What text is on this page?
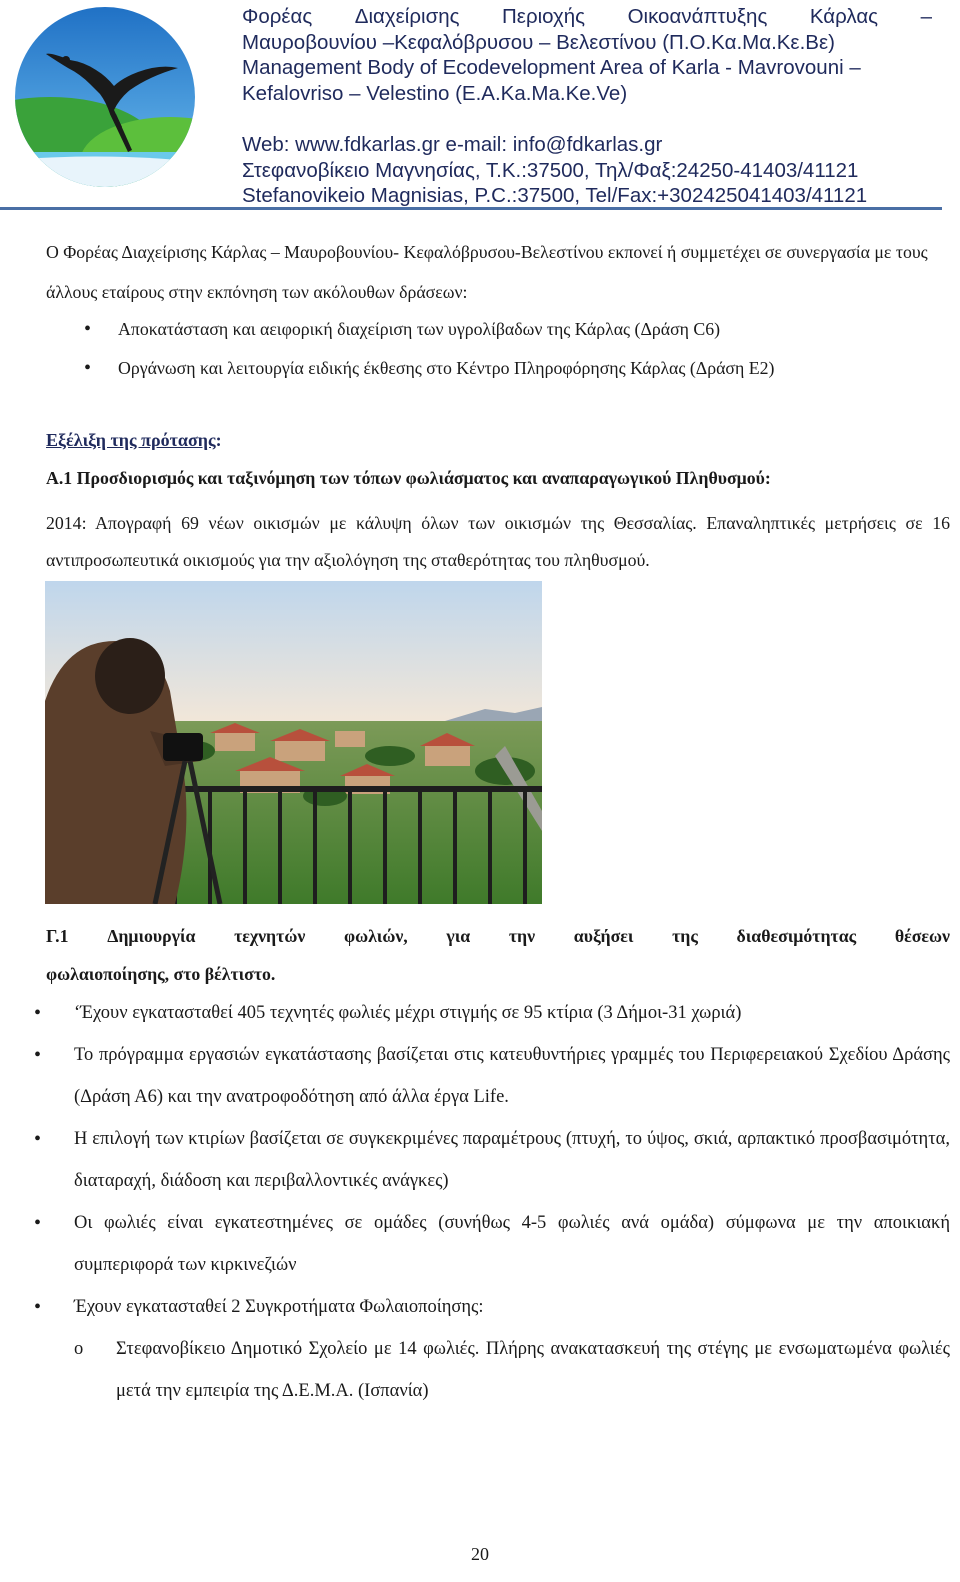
Φορέας Διαχείρισης Περιοχής Οικοανάπτυξης Κάρλας –
Μαυροβουνίου –Κεφαλόβρυσου – Βελεστίνου (Π.Ο.Κα.Μα.Κε.Βε)
Management Body of Ecodevelopment Area of Karla - Mavrovouni –
Kefalovriso – Velestino (E.A.Ka.Ma.Ke.Ve)
Web: www.fdkarlas.gr e-mail: info@fdkarlas.gr
Στεφανοβίκειο Μαγνησίας, Τ.Κ.:37500, Τηλ/Φαξ:24250-41403/41121
Stefanovikeio Magnisias, P.C.:37500, Tel/Fax:+302425041403/41121
Ο Φορέας Διαχείρισης Κάρλας – Μαυροβουνίου- Κεφαλόβρυσου-Βελεστίνου εκπονεί ή συμμετέχει σε συνεργασία με τους άλλους εταίρους στην εκπόνηση των ακόλουθων δράσεων:
• Αποκατάσταση και αειφορική διαχείριση των υγρολίβαδων της Κάρλας (Δράση C6)
• Οργάνωση και λειτουργία ειδικής έκθεσης στο Κέντρο Πληροφόρησης Κάρλας (Δράση E2)
Εξέλιξη της πρότασης:
Α.1 Προσδιορισμός και ταξινόμηση των τόπων φωλιάσματος και αναπαραγωγικού Πληθυσμού:
2014: Απογραφή 69 νέων οικισμών με κάλυψη όλων των οικισμών της Θεσσαλίας. Επαναληπτικές μετρήσεις σε 16 αντιπροσωπευτικά οικισμούς για την αξιολόγηση της σταθερότητας του πληθυσμού.
Γ.1 Δημιουργία τεχνητών φωλιών, για την αυξήσει της διαθεσιμότητας θέσεων
φωλαιοποίησης, στο βέλτιστο.
• ‘Έχουν εγκατασταθεί 405 τεχνητές φωλιές μέχρι στιγμής σε 95 κτίρια (3 Δήμοι-31 χωριά)
• Το πρόγραμμα εργασιών εγκατάστασης βασίζεται στις κατευθυντήριες γραμμές του Περιφερειακού Σχεδίου Δράσης (Δράση Α6) και την ανατροφοδότηση από άλλα έργα Life.
• Η επιλογή των κτιρίων βασίζεται σε συγκεκριμένες παραμέτρους (πτυχή, το ύψος, σκιά, αρπακτικό προσβασιμότητα, διαταραχή, διάδοση και περιβαλλοντικές ανάγκες)
• Οι φωλιές είναι εγκατεστημένες σε ομάδες (συνήθως 4-5 φωλιές ανά ομάδα) σύμφωνα με την αποικιακή συμπεριφορά των κιρκινεζιών
• Έχουν εγκατασταθεί 2 Συγκροτήματα Φωλαιοποίησης:
o Στεφανοβίκειο Δημοτικό Σχολείο με 14 φωλιές. Πλήρης ανακατασκευή της στέγης με ενσωματωμένα φωλιές μετά την εμπειρία της Δ.Ε.Μ.Α. (Ισπανία)
20
